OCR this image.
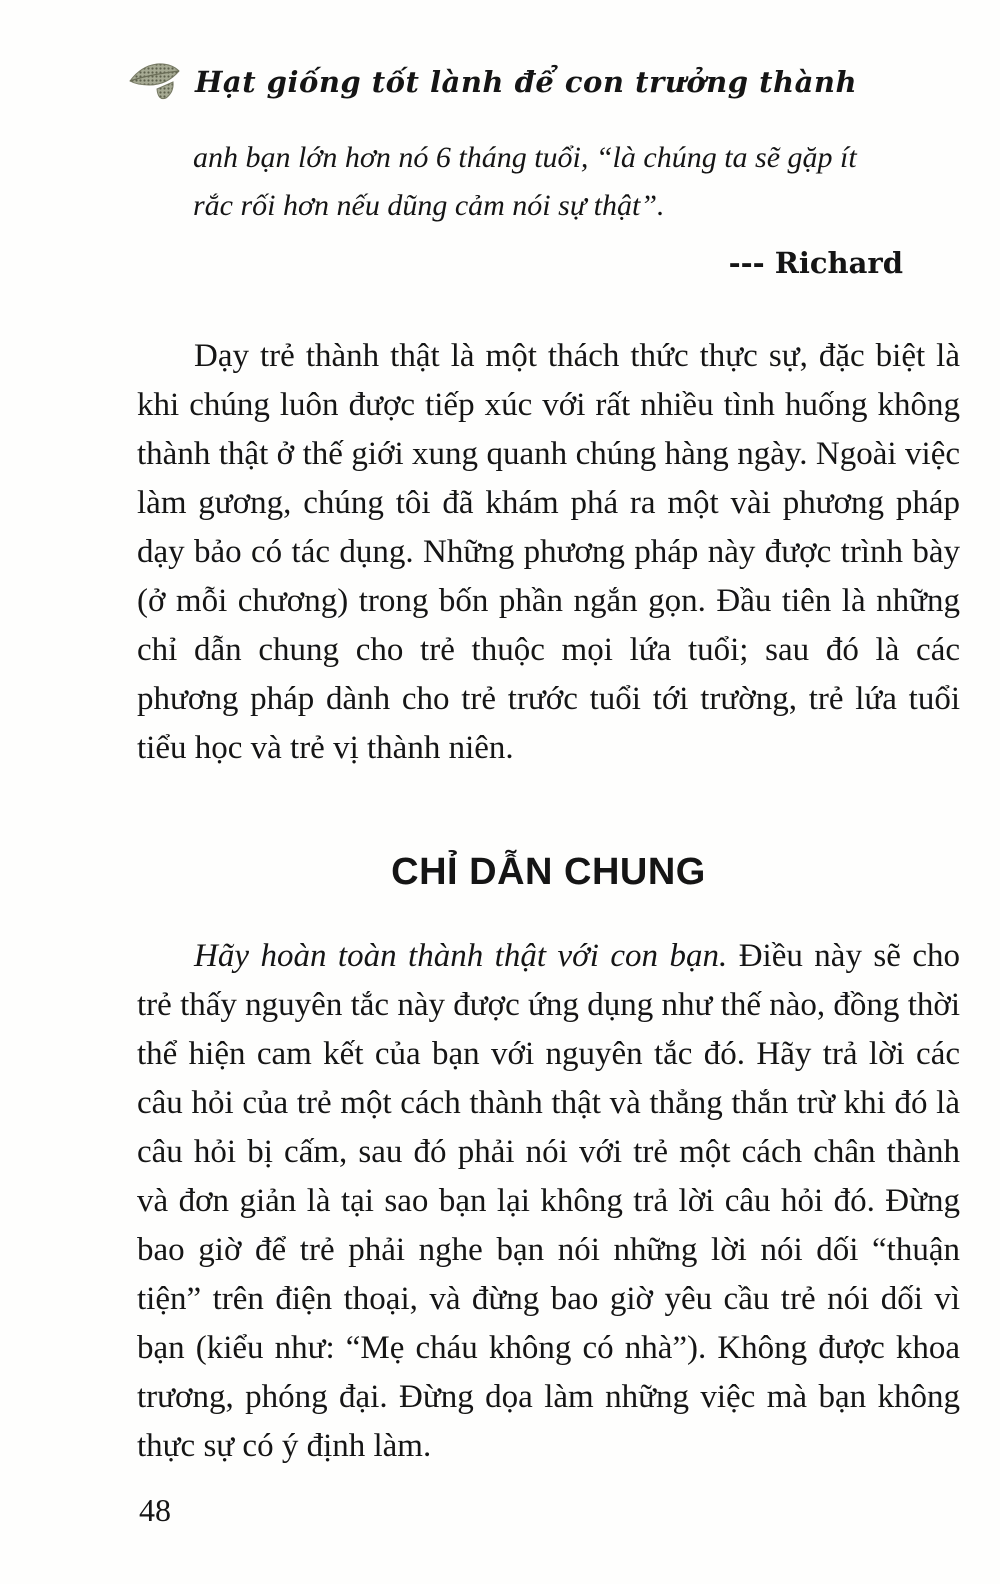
Hạt giống tốt lành để con trưởng thành
anh bạn lớn hơn nó 6 tháng tuổi, “là chúng ta sẽ gặp ít rắc rối hơn nếu dũng cảm nói sự thật”.
--- Richard

Dạy trẻ thành thật là một thách thức thực sự, đặc biệt là khi chúng luôn được tiếp xúc với rất nhiều tình huống không thành thật ở thế giới xung quanh chúng hàng ngày. Ngoài việc làm gương, chúng tôi đã khám phá ra một vài phương pháp dạy bảo có tác dụng. Những phương pháp này được trình bày (ở mỗi chương) trong bốn phần ngắn gọn. Đầu tiên là những chỉ dẫn chung cho trẻ thuộc mọi lứa tuổi; sau đó là các phương pháp dành cho trẻ trước tuổi tới trường, trẻ lứa tuổi tiểu học và trẻ vị thành niên.

CHỈ DẪN CHUNG

Hãy hoàn toàn thành thật với con bạn. Điều này sẽ cho trẻ thấy nguyên tắc này được ứng dụng như thế nào, đồng thời thể hiện cam kết của bạn với nguyên tắc đó. Hãy trả lời các câu hỏi của trẻ một cách thành thật và thẳng thắn trừ khi đó là câu hỏi bị cấm, sau đó phải nói với trẻ một cách chân thành và đơn giản là tại sao bạn lại không trả lời câu hỏi đó. Đừng bao giờ để trẻ phải nghe bạn nói những lời nói dối “thuận tiện” trên điện thoại, và đừng bao giờ yêu cầu trẻ nói dối vì bạn (kiểu như: “Mẹ cháu không có nhà”). Không được khoa trương, phóng đại. Đừng dọa làm những việc mà bạn không thực sự có ý định làm.

48
